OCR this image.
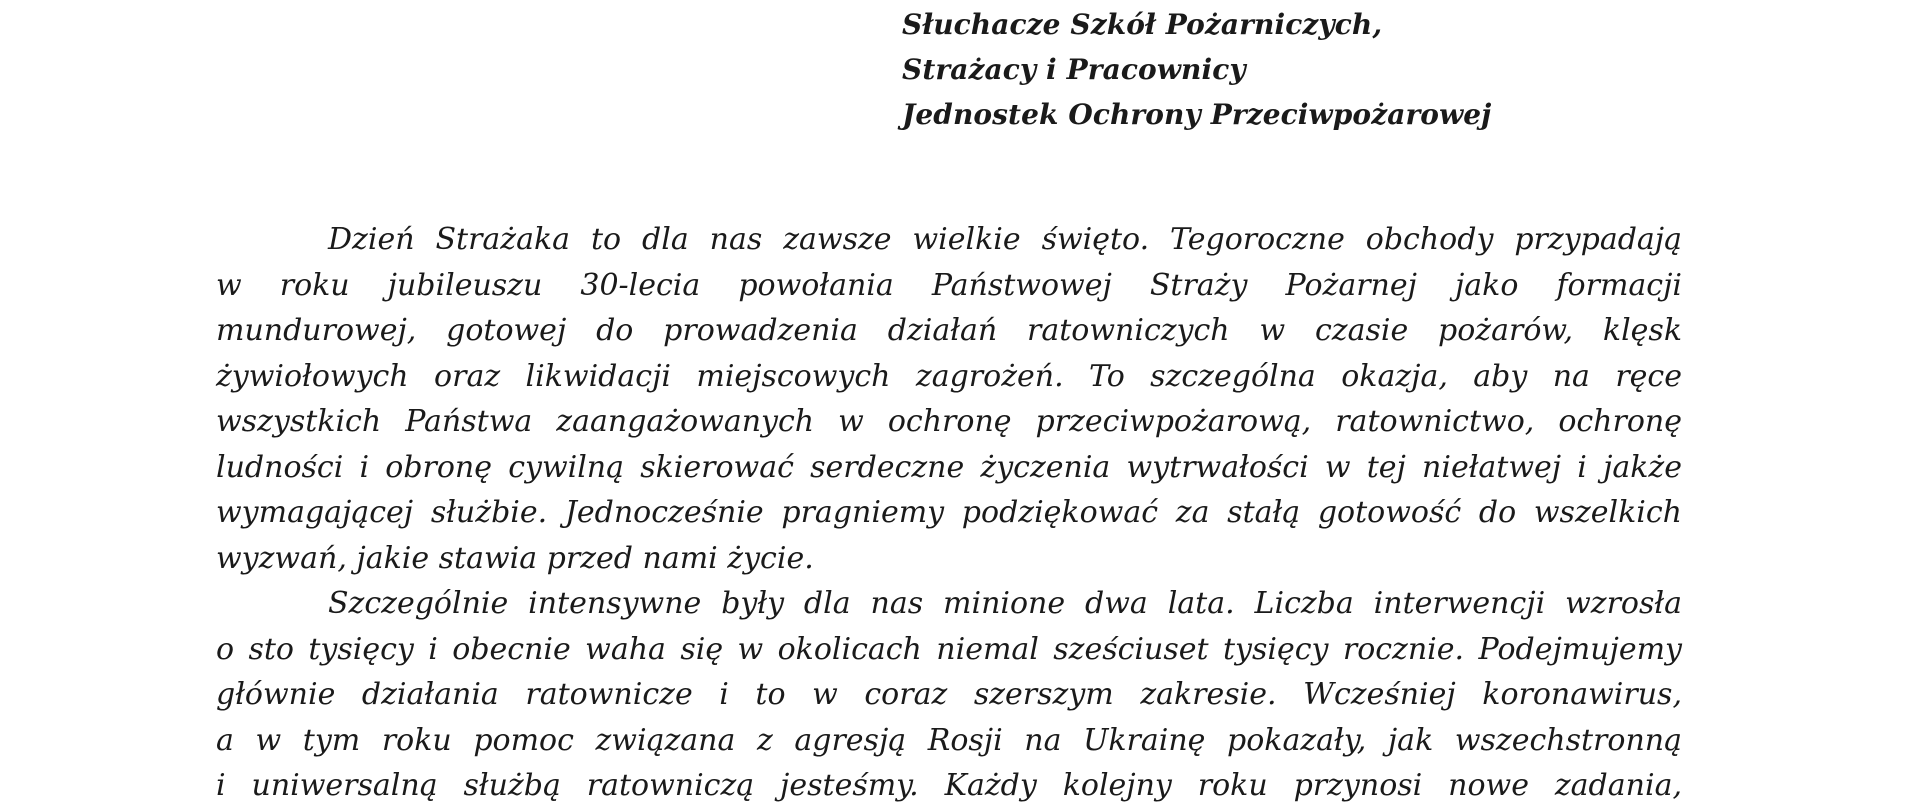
Słuchacze Szkół Pożarniczych,
Strażacy i Pracownicy
Jednostek Ochrony Przeciwpożarowej
Dzień Strażaka to dla nas zawsze wielkie święto. Tegoroczne obchody przypadają
w roku jubileuszu 30-lecia powołania Państwowej Straży Pożarnej jako formacji
mundurowej, gotowej do prowadzenia działań ratowniczych w czasie pożarów, klęsk
żywiołowych oraz likwidacji miejscowych zagrożeń. To szczególna okazja, aby na ręce
wszystkich Państwa zaangażowanych w ochronę przeciwpożarową, ratownictwo, ochronę
ludności i obronę cywilną skierować serdeczne życzenia wytrwałości w tej niełatwej i jakże
wymagającej służbie. Jednocześnie pragniemy podziękować za stałą gotowość do wszelkich
wyzwań, jakie stawia przed nami życie.
Szczególnie intensywne były dla nas minione dwa lata. Liczba interwencji wzrosła
o sto tysięcy i obecnie waha się w okolicach niemal sześciuset tysięcy rocznie. Podejmujemy
głównie działania ratownicze i to w coraz szerszym zakresie. Wcześniej koronawirus,
a w tym roku pomoc związana z agresją Rosji na Ukrainę pokazały, jak wszechstronną
i uniwersalną służbą ratowniczą jesteśmy. Każdy kolejny roku przynosi nowe zadania,
